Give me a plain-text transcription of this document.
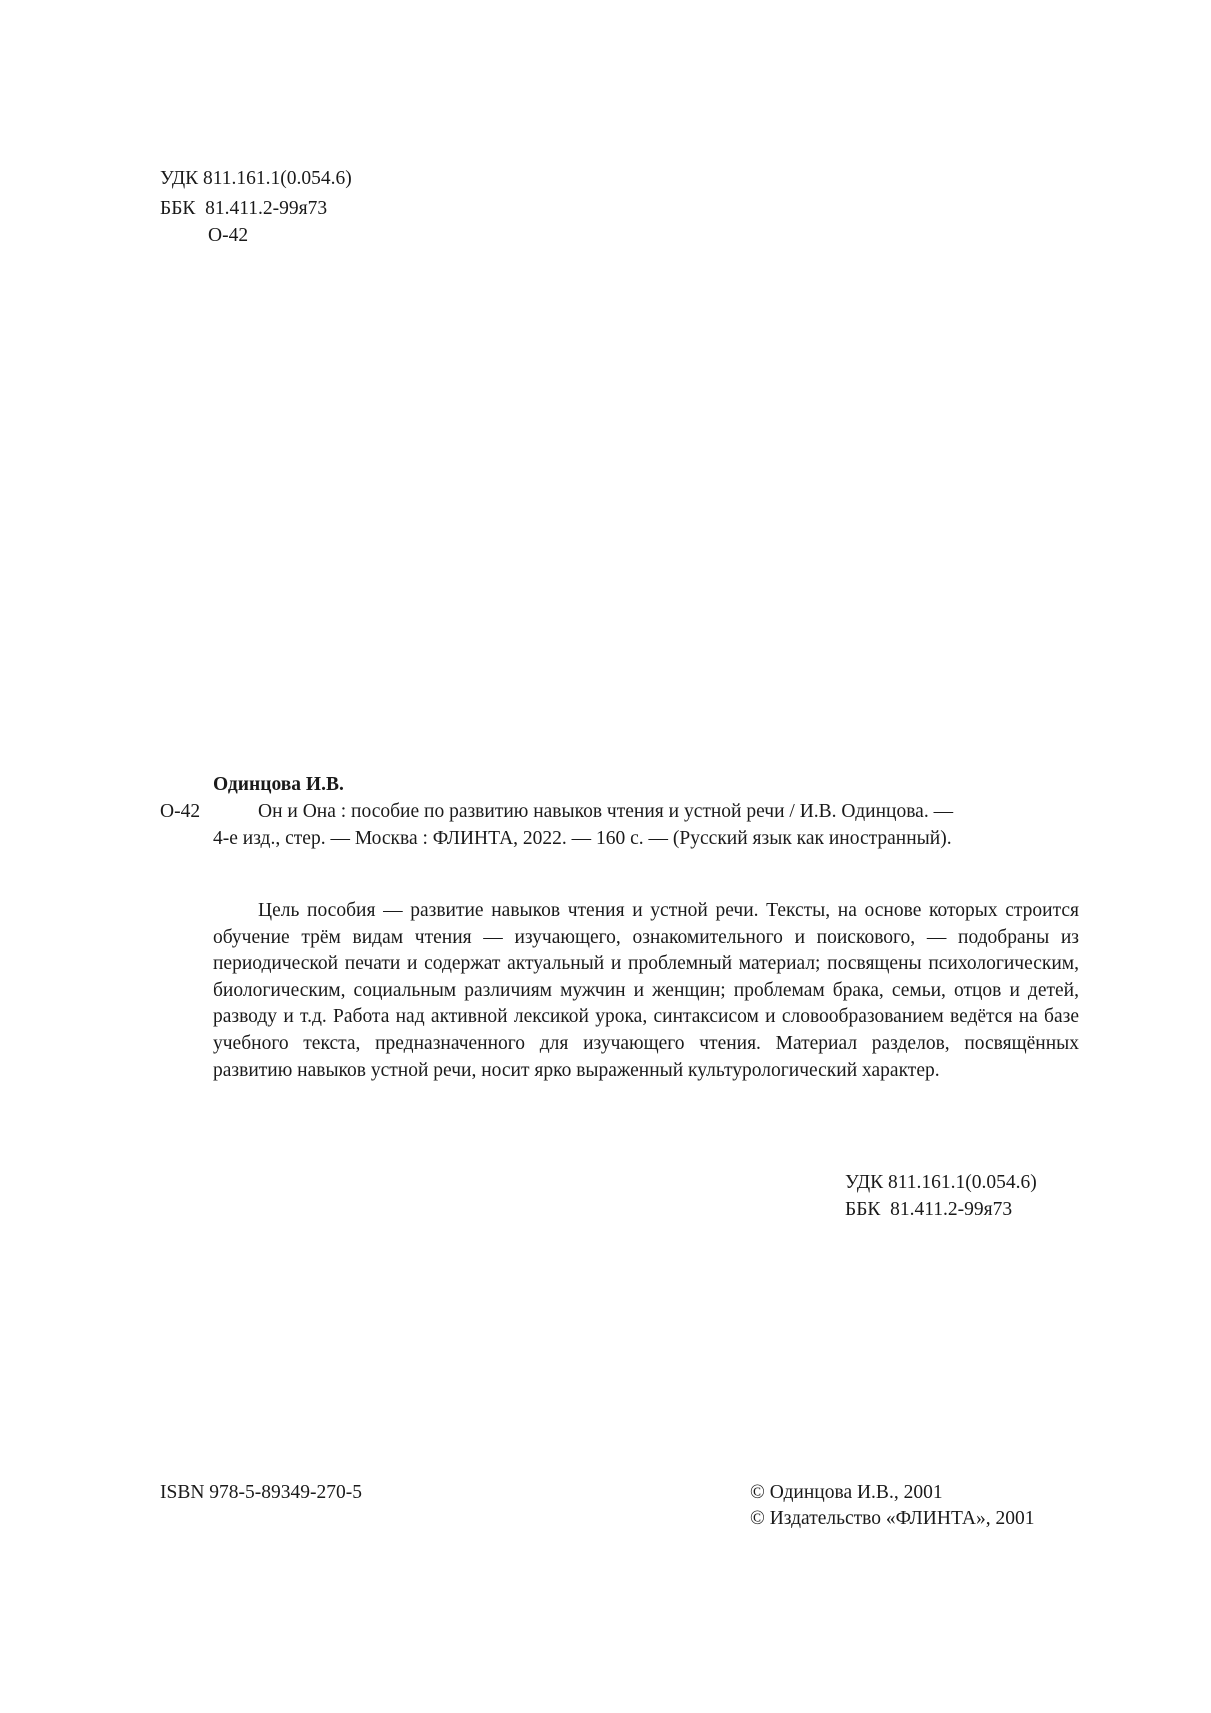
УДК 811.161.1(0.054.6)
ББК  81.411.2-99я73
О-42
Одинцова И.В.
О-42	Он и Она : пособие по развитию навыков чтения и устной речи / И.В. Одинцова. —
4-е изд., стер. — Москва : ФЛИНТА, 2022. — 160 с. — (Русский язык как иностранный).

Цель пособия — развитие навыков чтения и устной речи. Тексты, на основе которых строится обучение трём видам чтения — изучающего, ознакомительного и поискового, — подобраны из периодической печати и содержат актуальный и проблемный материал; посвящены психологическим, биологическим, социальным различиям мужчин и женщин; проблемам брака, семьи, отцов и детей, разводу и т.д. Работа над активной лексикой урока, синтаксисом и словообразованием ведётся на базе учебного текста, предназначенного для изучающего чтения. Материал разделов, посвящённых развитию навыков устной речи, носит ярко выраженный культурологический характер.

УДК 811.161.1(0.054.6)
ББК  81.411.2-99я73
ISBN 978-5-89349-270-5	© Одинцова И.В., 2001
© Издательство «ФЛИНТА», 2001
